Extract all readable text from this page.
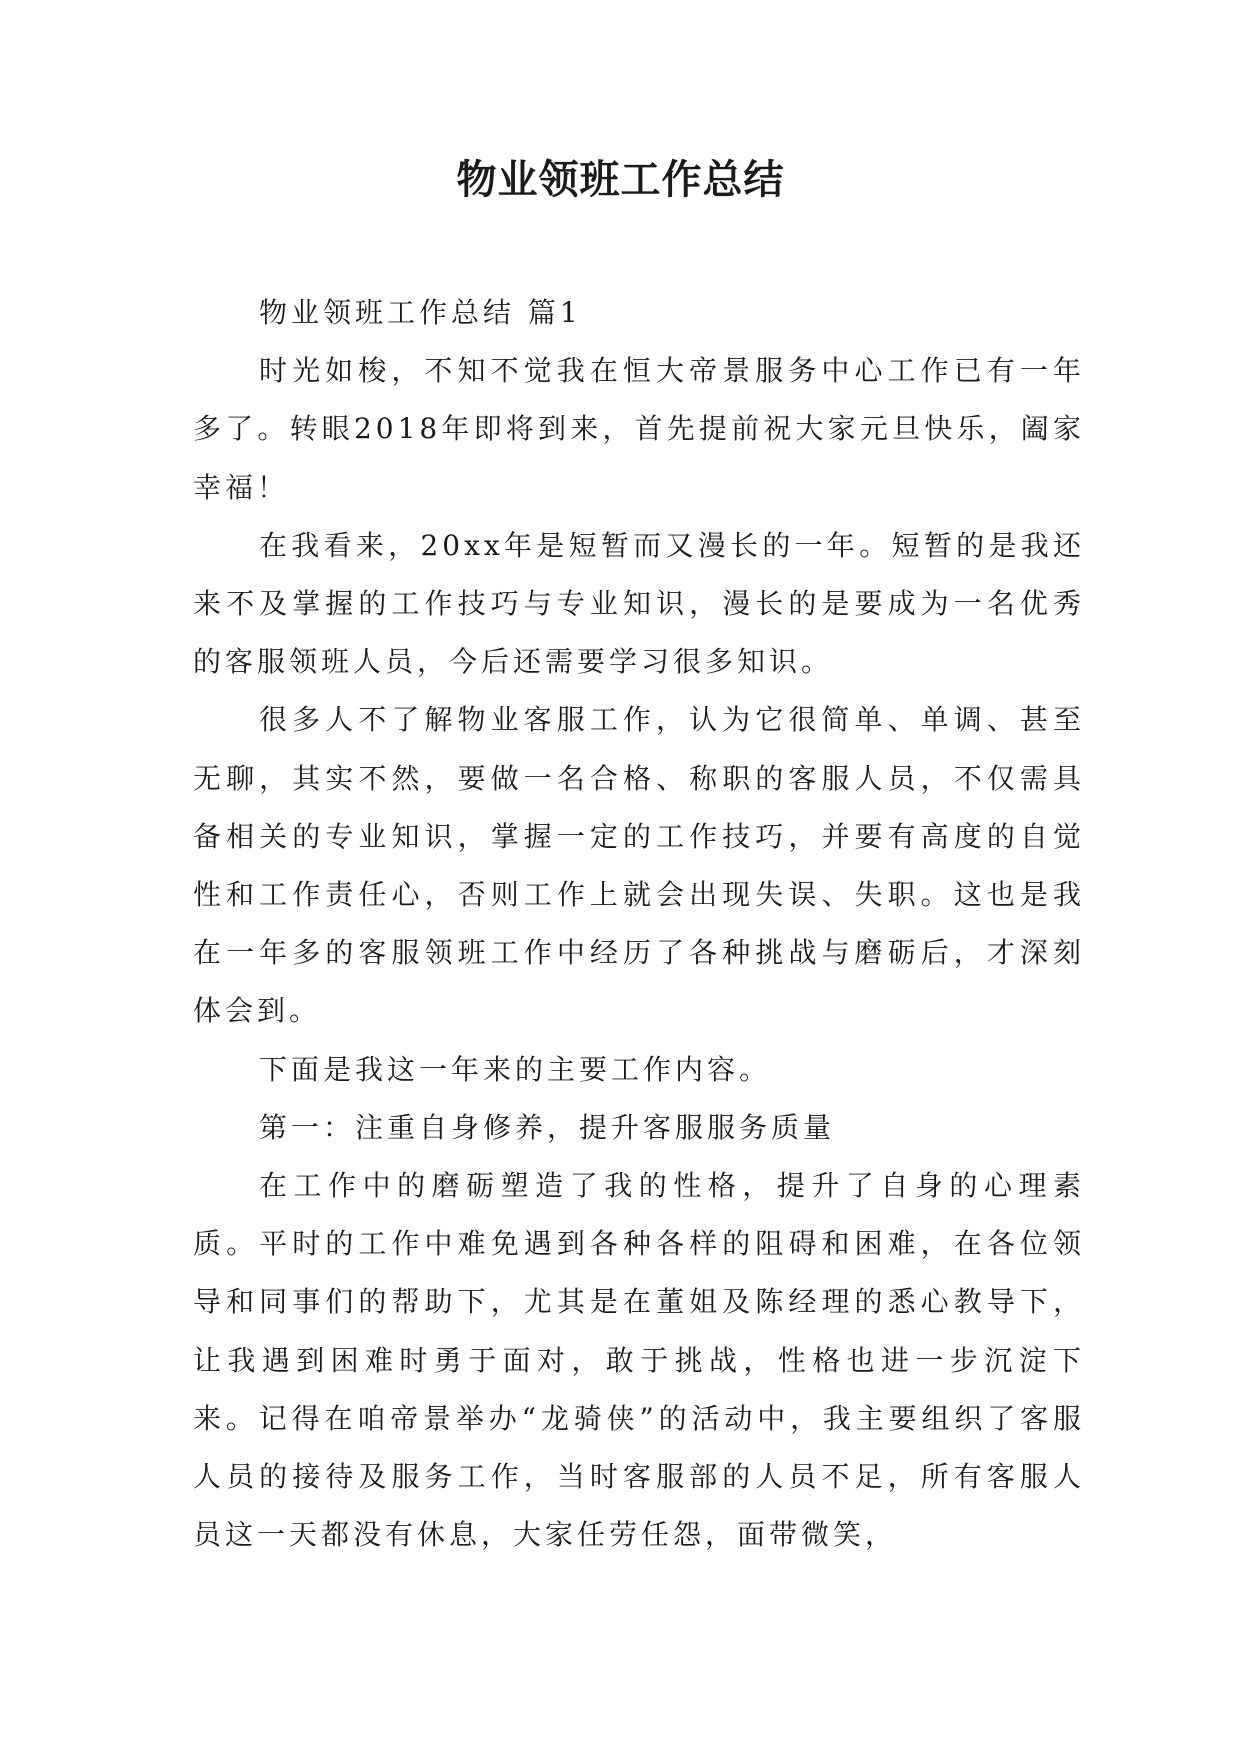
物业领班工作总结

物业领班工作总结 篇1

时光如梭，不知不觉我在恒大帝景服务中心工作已有一年多了。转眼2018年即将到来，首先提前祝大家元旦快乐，阖家幸福！

在我看来，20xx年是短暂而又漫长的一年。短暂的是我还来不及掌握的工作技巧与专业知识，漫长的是要成为一名优秀的客服领班人员，今后还需要学习很多知识。

很多人不了解物业客服工作，认为它很简单、单调、甚至无聊，其实不然，要做一名合格、称职的客服人员，不仅需具备相关的专业知识，掌握一定的工作技巧，并要有高度的自觉性和工作责任心，否则工作上就会出现失误、失职。这也是我在一年多的客服领班工作中经历了各种挑战与磨砺后，才深刻体会到。

下面是我这一年来的主要工作内容。

第一：注重自身修养，提升客服服务质量

在工作中的磨砺塑造了我的性格，提升了自身的心理素质。平时的工作中难免遇到各种各样的阻碍和困难，在各位领导和同事们的帮助下，尤其是在董姐及陈经理的悉心教导下，让我遇到困难时勇于面对，敢于挑战，性格也进一步沉淀下来。记得在咱帝景举办“龙骑侠”的活动中，我主要组织了客服人员的接待及服务工作，当时客服部的人员不足，所有客服人员这一天都没有休息，大家任劳任怨，面带微笑，
